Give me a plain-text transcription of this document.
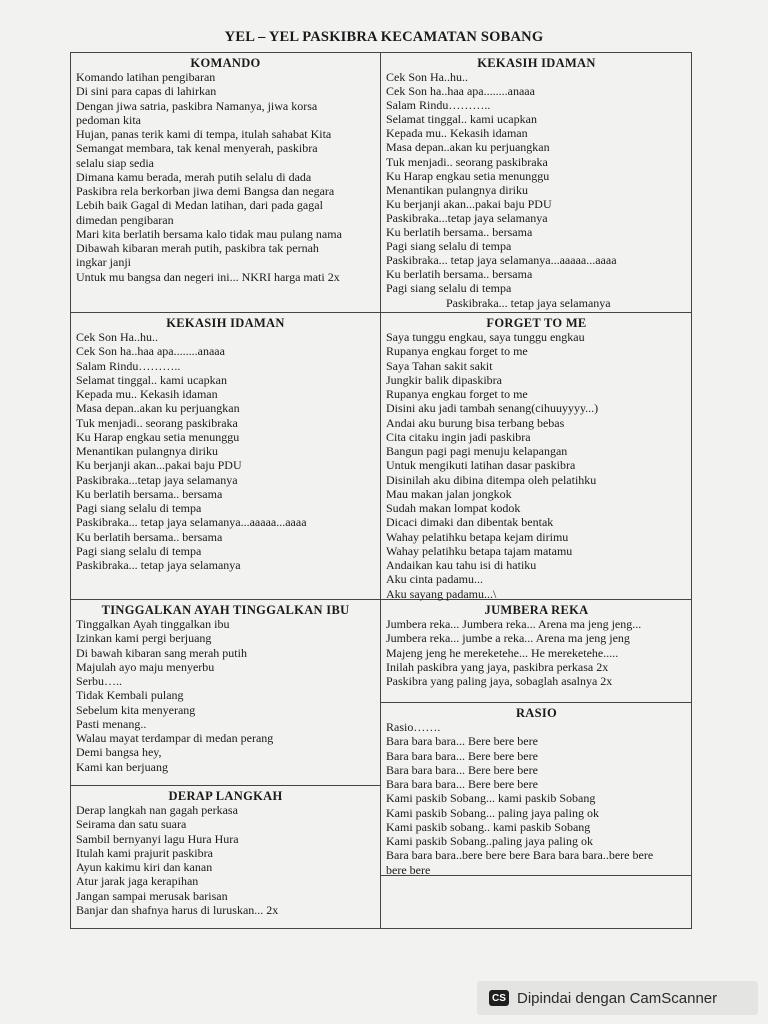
YEL – YEL PASKIBRA KECAMATAN SOBANG
KOMANDO
Komando latihan pengibaran
Di sini para capas di lahirkan
Dengan jiwa satria, paskibra Namanya, jiwa korsa
pedoman kita
Hujan, panas terik kami di tempa, itulah sahabat Kita
Semangat membara, tak kenal menyerah, paskibra
selalu siap sedia
Dimana kamu berada, merah putih selalu di dada
Paskibra rela berkorban jiwa demi Bangsa dan negara
Lebih baik Gagal di Medan latihan, dari pada gagal
dimedan pengibaran
Mari kita berlatih bersama kalo tidak mau pulang nama
Dibawah kibaran merah putih, paskibra tak pernah
ingkar janji
Untuk mu bangsa dan negeri ini... NKRI harga mati 2x
KEKASIH IDAMAN
Cek Son Ha..hu..
Cek Son ha..haa apa........anaaa
Salam Rindu………..
Selamat tinggal.. kami ucapkan
Kepada mu.. Kekasih idaman
Masa depan..akan ku perjuangkan
Tuk menjadi.. seorang paskibraka
Ku Harap engkau setia menunggu
Menantikan pulangnya diriku
Ku berjanji akan...pakai baju PDU
Paskibraka...tetap jaya selamanya
Ku berlatih bersama.. bersama
Pagi siang selalu di tempa
Paskibraka... tetap jaya selamanya...aaaaa...aaaa
Ku berlatih bersama.. bersama
Pagi siang selalu di tempa
Paskibraka... tetap jaya selamanya
KEKASIH IDAMAN
Cek Son Ha..hu..
Cek Son ha..haa apa........anaaa
Salam Rindu………..
Selamat tinggal.. kami ucapkan
Kepada mu.. Kekasih idaman
Masa depan..akan ku perjuangkan
Tuk menjadi.. seorang paskibraka
Ku Harap engkau setia menunggu
Menantikan pulangnya diriku
Ku berjanji akan...pakai baju PDU
Paskibraka...tetap jaya selamanya
Ku berlatih bersama.. bersama
Pagi siang selalu di tempa
Paskibraka... tetap jaya selamanya...aaaaa...aaaa
Ku berlatih bersama.. bersama
Pagi siang selalu di tempa
Paskibraka... tetap jaya selamanya
FORGET TO ME
Saya tunggu engkau, saya tunggu engkau
Rupanya engkau forget to me
Saya Tahan sakit sakit
Jungkir balik dipaskibra
Rupanya engkau forget to me
Disini aku jadi tambah senang(cihuuyyyy...)
Andai aku burung bisa terbang bebas
Cita citaku ingin jadi paskibra
Bangun pagi pagi menuju kelapangan
Untuk mengikuti latihan dasar paskibra
Disinilah aku dibina ditempa oleh pelatihku
Mau makan jalan jongkok
Sudah makan lompat kodok
Dicaci dimaki dan dibentak bentak
Wahay pelatihku betapa kejam dirimu
Wahay pelatihku betapa tajam matamu
Andaikan kau tahu isi di hatiku
Aku cinta padamu...
Aku sayang padamu...\
TINGGALKAN AYAH TINGGALKAN IBU
Tinggalkan Ayah tinggalkan ibu
Izinkan kami pergi berjuang
Di bawah kibaran sang merah putih
Majulah ayo maju menyerbu
Serbu…..
Tidak Kembali pulang
Sebelum kita menyerang
Pasti menang..
Walau mayat terdampar di medan perang
Demi bangsa hey,
Kami kan berjuang
JUMBERA REKA
Jumbera reka... Jumbera reka... Arena ma jeng jeng...
Jumbera reka... jumbe a reka... Arena ma jeng jeng
Majeng jeng he mereketehe... He mereketehe.....
Inilah paskibra yang jaya, paskibra perkasa 2x
Paskibra yang paling jaya, sobaglah asalnya 2x
RASIO
Rasio…….
Bara bara bara... Bere bere bere
Bara bara bara... Bere bere bere
Bara bara bara... Bere bere bere
Bara bara bara... Bere bere bere
Kami paskib Sobang... kami paskib Sobang
Kami paskib Sobang... paling jaya paling ok
Kami paskib sobang.. kami paskib Sobang
Kami paskib Sobang..paling jaya paling ok
Bara bara bara..bere bere bere Bara bara bara..bere bere
bere bere
DERAP LANGKAH
Derap langkah nan gagah perkasa
Seirama dan satu suara
Sambil bernyanyi lagu Hura Hura
Itulah kami prajurit paskibra
Ayun kakimu kiri dan kanan
Atur jarak jaga kerapihan
Jangan sampai merusak barisan
Banjar dan shafnya harus di luruskan... 2x
CS Dipindai dengan CamScanner
